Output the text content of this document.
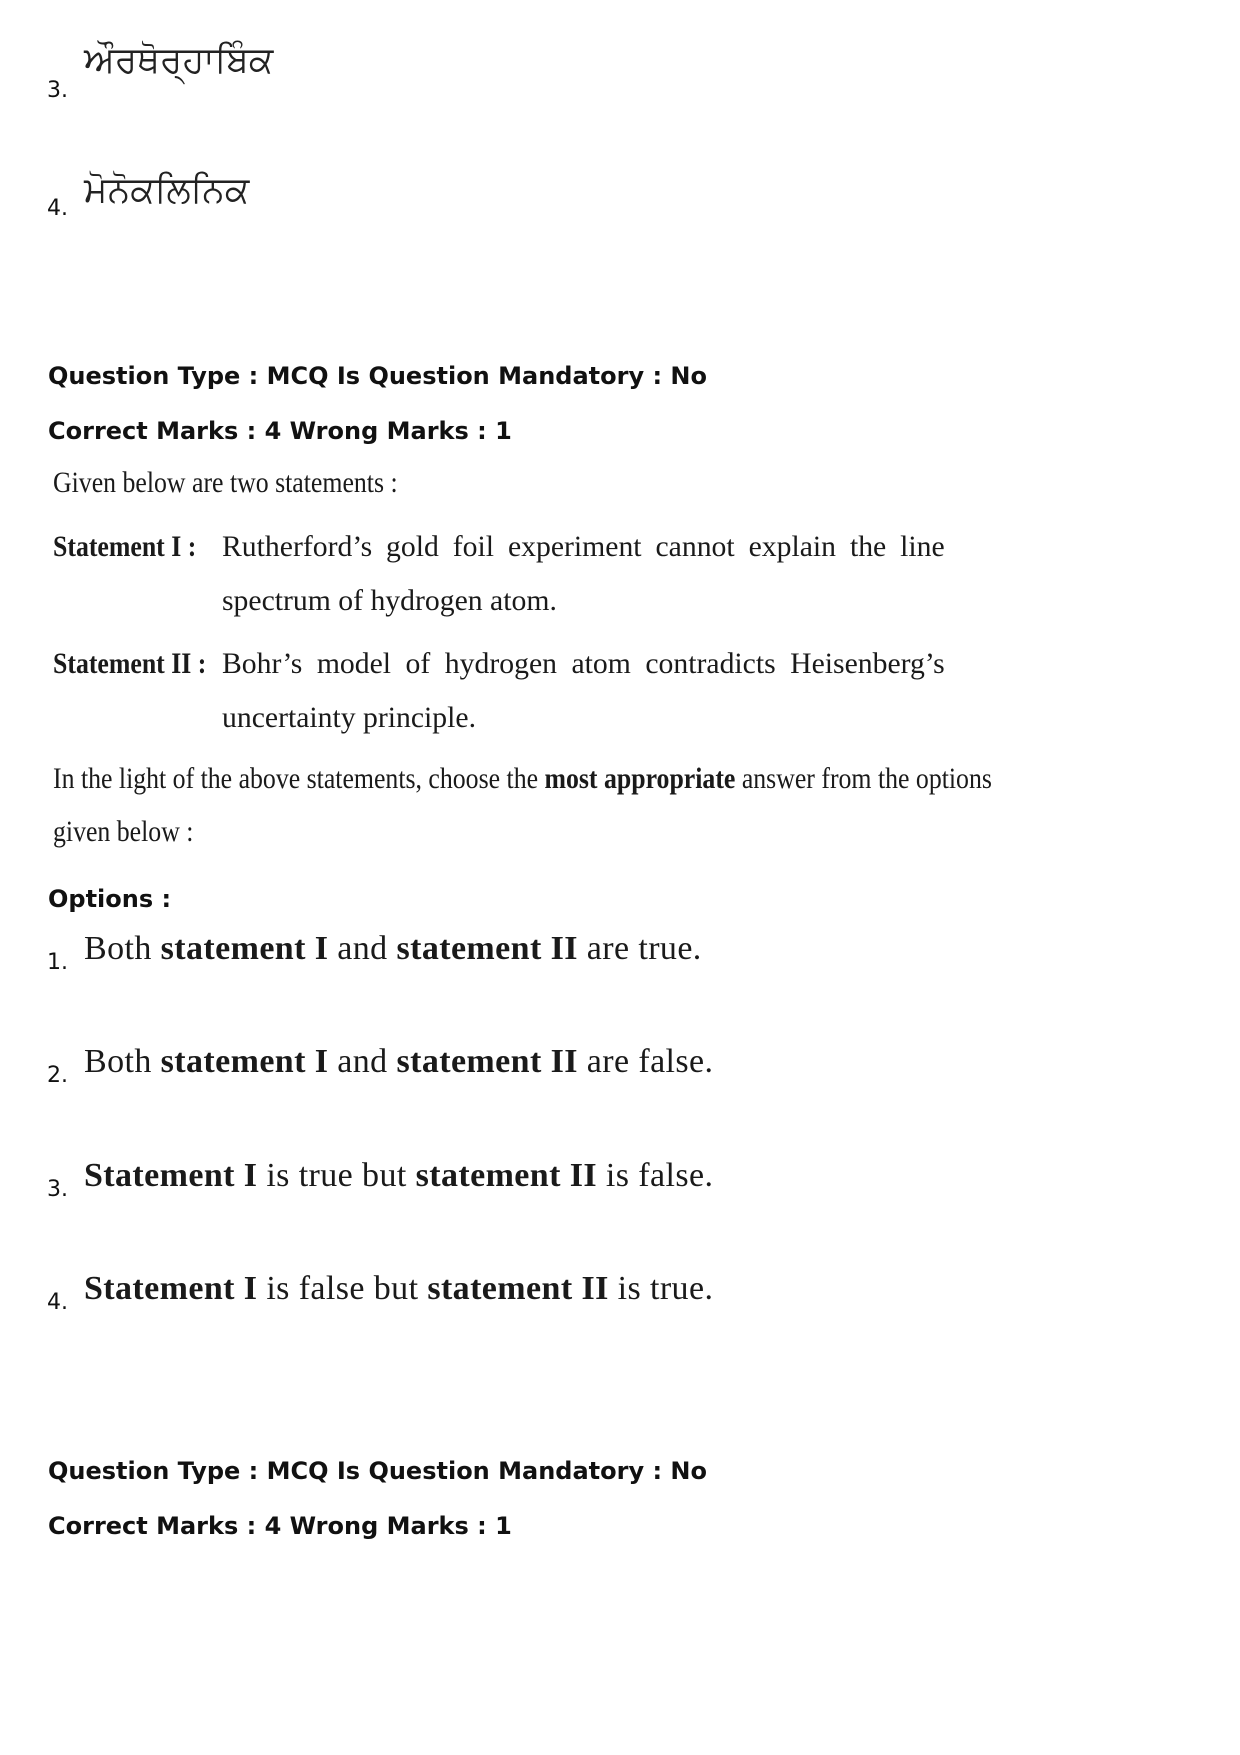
3.
ਔਰਥੋਰ੍ਹਾਬਿੰਕ
4. ਮੋਨੋਕਲਿਨਿਕ
Question Type : MCQ Is Question Mandatory : No
Correct Marks : 4 Wrong Marks : 1
Given below are two statements :
Statement I : Rutherford’s gold foil experiment cannot explain the line spectrum of hydrogen atom.
Statement II : Bohr’s model of hydrogen atom contradicts Heisenberg’s uncertainty principle.
In the light of the above statements, choose the most appropriate answer from the options
given below :
Options :
1. Both statement I and statement II are true.
2. Both statement I and statement II are false.
3. Statement I is true but statement II is false.
4. Statement I is false but statement II is true.
Question Type : MCQ Is Question Mandatory : No
Correct Marks : 4 Wrong Marks : 1
